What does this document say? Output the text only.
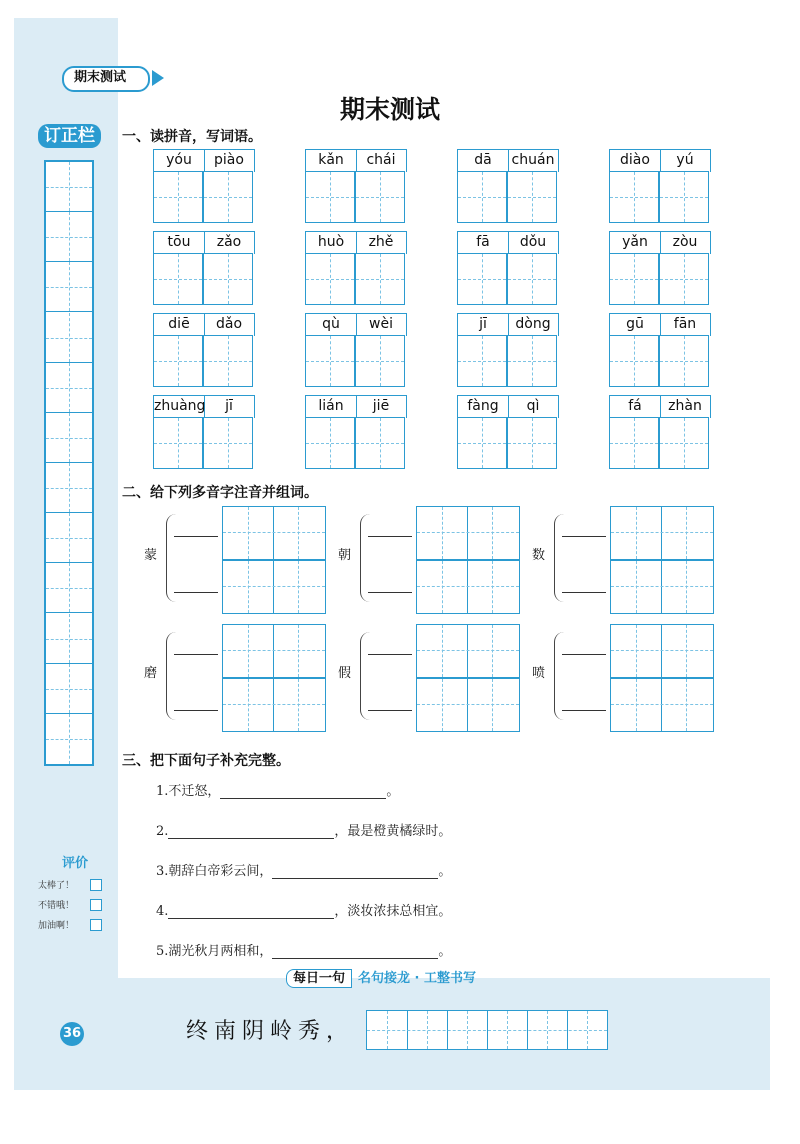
期末测试
期末测试
订正栏	一、读拼音，写词语。
yóu	piào	kǎn	chái	dā	chuán	diào	yú
tōu	zǎo	huò	zhě	fā	dǒu	yǎn	zòu
diē	dǎo	qù	wèi	jī	dòng	gū	fān
zhuàng	jī	lián	jiē	fàng	qì	fá	zhàn
二、给下列多音字注音并组词。
蒙	朝	数
磨	假	喷
三、把下面句子补充完整。
1.不迁怒，	。
2.	，最是橙黄橘绿时。
3.朝辞白帝彩云间，	。
4.	，淡妆浓抹总相宜。
5.湖光秋月两相和，	。
评价
太棒了！
不错哦！
加油啊！
36
每日一句 名句接龙 · 工整书写
终南阴岭秀，
